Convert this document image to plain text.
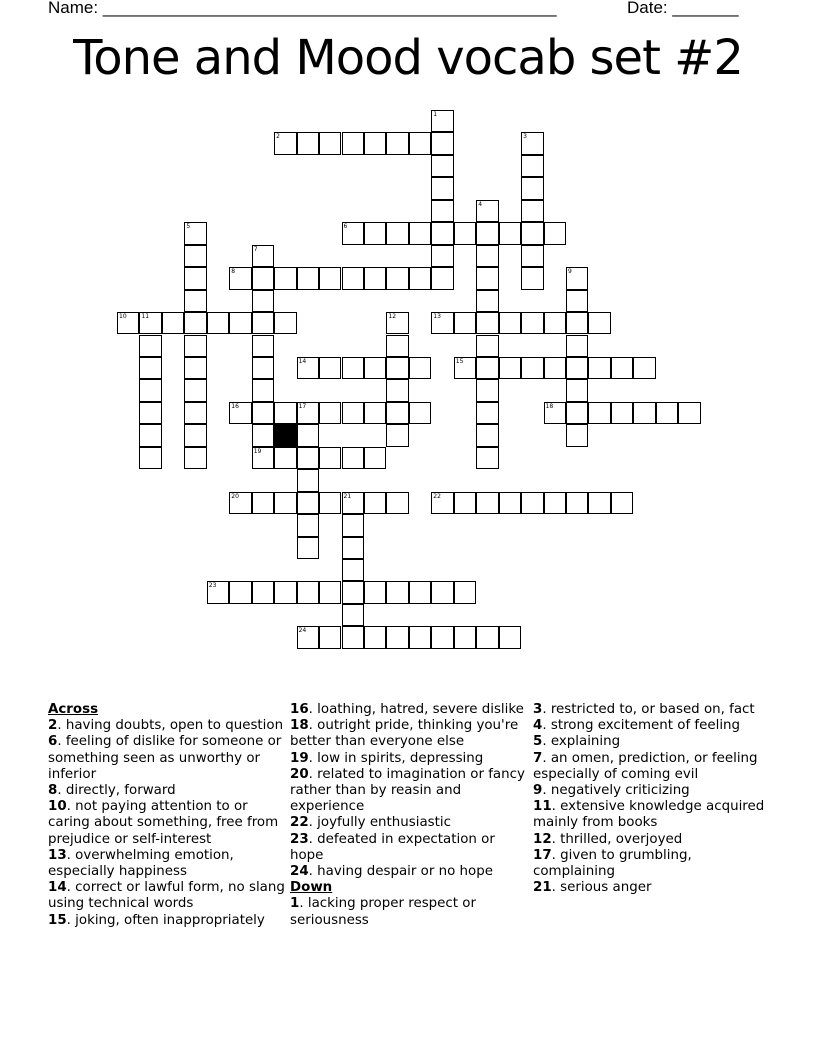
Name: ________________________________________________	Date: _______
Tone and Mood vocab set #2
1
2	3
4
5	6
7
8	9
10 11	12	13
14	15
16	17	18
19
20	21	22
23
24
Across
2. having doubts, open to question
6. feeling of dislike for someone or something seen as unworthy or inferior
8. directly, forward
10. not paying attention to or caring about something, free from prejudice or self-interest
13. overwhelming emotion, especially happiness
14. correct or lawful form, no slang using technical words
15. joking, often inappropriately
16. loathing, hatred, severe dislike
18. outright pride, thinking you're better than everyone else
19. low in spirits, depressing
20. related to imagination or fancy rather than by reasin and experience
22. joyfully enthusiastic
23. defeated in expectation or hope
24. having despair or no hope
Down
1. lacking proper respect or seriousness
3. restricted to, or based on, fact
4. strong excitement of feeling
5. explaining
7. an omen, prediction, or feeling especially of coming evil
9. negatively criticizing
11. extensive knowledge acquired mainly from books
12. thrilled, overjoyed
17. given to grumbling, complaining
21. serious anger
